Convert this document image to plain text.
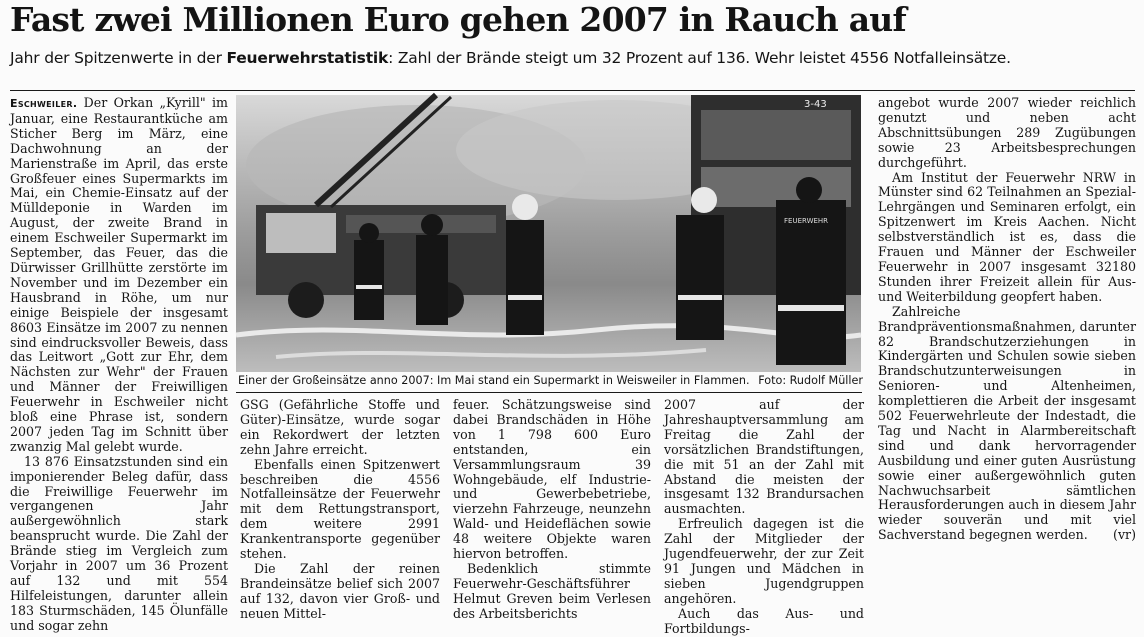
Fast zwei Millionen Euro gehen 2007 in Rauch auf
Jahr der Spitzenwerte in der Feuerwehrstatistik: Zahl der Brände steigt um 32 Prozent auf 136. Wehr leistet 4556 Notfalleinsätze.

Eschweiler. Der Orkan „Kyrill" im Januar, eine Restaurantküche am Sticher Berg im März, eine Dachwohnung an der Marienstraße im April, das erste Großfeuer eines Supermarkts im Mai, ein Chemie-Einsatz auf der Mülldeponie in Warden im August, der zweite Brand in einem Eschweiler Supermarkt im September, das Feuer, das die Dürwisser Grillhütte zerstörte im November und im Dezember ein Hausbrand in Röhe, um nur einige Beispiele der insgesamt 8603 Einsätze im 2007 zu nennen sind eindrucksvoller Beweis, dass das Leitwort „Gott zur Ehr, dem Nächsten zur Wehr" der Frauen und Männer der Freiwilligen Feuerwehr in Eschweiler nicht bloß eine Phrase ist, sondern 2007 jeden Tag im Schnitt über zwanzig Mal gelebt wurde.

13 876 Einsatzstunden sind ein imponierender Beleg dafür, dass die Freiwillige Feuerwehr im vergangenen Jahr außergewöhnlich stark beansprucht wurde. Die Zahl der Brände stieg im Vergleich zum Vorjahr in 2007 um 36 Prozent auf 132 und mit 554 Hilfeleistungen, darunter allein 183 Sturmschäden, 145 Ölunfälle und sogar zehn

3-43
FEUERWEHR
Einer der Großeinsätze anno 2007: Im Mai stand ein Supermarkt in Weisweiler in Flammen. Foto: Rudolf Müller

GSG (Gefährliche Stoffe und Güter)-Einsätze, wurde sogar ein Rekordwert der letzten zehn Jahre erreicht.

Ebenfalls einen Spitzenwert beschreiben die 4556 Notfalleinsätze der Feuerwehr mit dem Rettungstransport, dem weitere 2991 Krankentransporte gegenüber stehen.

Die Zahl der reinen Brandeinsätze belief sich 2007 auf 132, davon vier Groß- und neuen Mittel-

feuer. Schätzungsweise sind dabei Brandschäden in Höhe von 1 798 600 Euro entstanden, ein Versammlungsraum 39 Wohngebäude, elf Industrie- und Gewerbebetriebe, vierzehn Fahrzeuge, neunzehn Wald- und Heideflächen sowie 48 weitere Objekte waren hiervon betroffen.

Bedenklich stimmte Feuerwehr-Geschäftsführer Helmut Greven beim Verlesen des Arbeitsberichts

2007 auf der Jahreshauptversammlung am Freitag die Zahl der vorsätzlichen Brandstiftungen, die mit 51 an der Zahl mit Abstand die meisten der insgesamt 132 Brandursachen ausmachten.

Erfreulich dagegen ist die Zahl der Mitglieder der Jugendfeuerwehr, der zur Zeit 91 Jungen und Mädchen in sieben Jugendgruppen angehören.

Auch das Aus- und Fortbildungs-

angebot wurde 2007 wieder reichlich genutzt und neben acht Abschnittsübungen 289 Zugübungen sowie 23 Arbeitsbesprechungen durchgeführt.

Am Institut der Feuerwehr NRW in Münster sind 62 Teilnahmen an Spezial-Lehrgängen und Seminaren erfolgt, ein Spitzenwert im Kreis Aachen. Nicht selbstverständlich ist es, dass die Frauen und Männer der Eschweiler Feuerwehr in 2007 insgesamt 32180 Stunden ihrer Freizeit allein für Aus- und Weiterbildung geopfert haben.

Zahlreiche Brandpräventionsmaßnahmen, darunter 82 Brandschutzerziehungen in Kindergärten und Schulen sowie sieben Brandschutzunterweisungen in Senioren- und Altenheimen, komplettieren die Arbeit der insgesamt 502 Feuerwehrleute der Indestadt, die Tag und Nacht in Alarmbereitschaft sind und dank hervorragender Ausbildung und einer guten Ausrüstung sowie einer außergewöhnlich guten Nachwuchsarbeit sämtlichen Herausforderungen auch in diesem Jahr wieder souverän und mit viel Sachverstand begegnen werden.	(vr)
